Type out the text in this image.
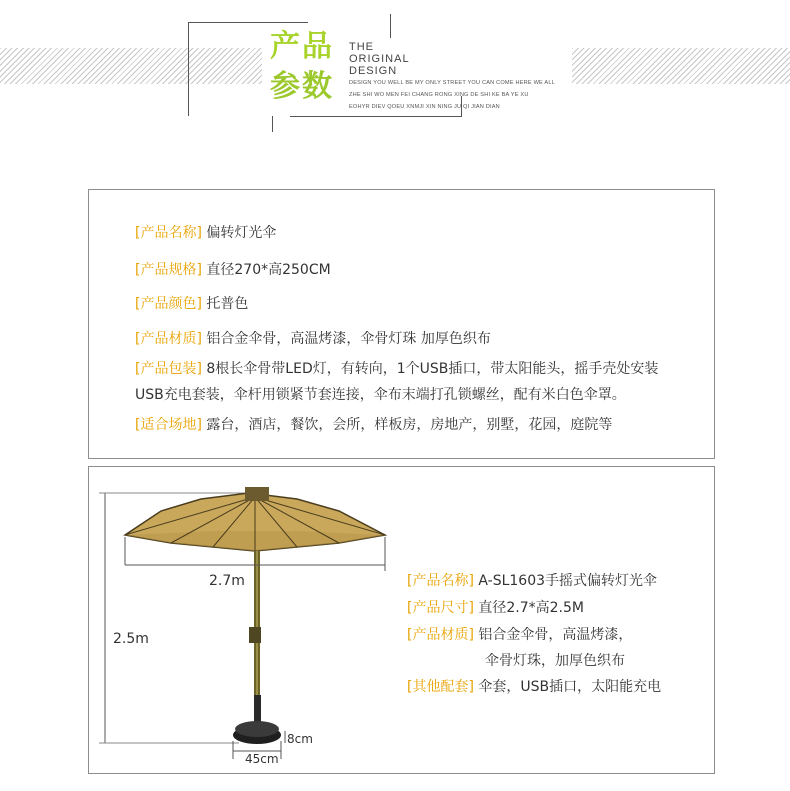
产品
参数
THE
ORIGINAL
DESIGN
DESIGN YOU WELL BE MY ONLY STREET YOU CAN COME HERE WE ALL
ZHE SHI WO MEN FEI CHANG RONG XING DE SHI KE BA YE XU
EOHYR DIEV QOEU XNMJI XIN NING JU QI JIAN DIAN
[产品名称] 偏转灯光伞
[产品规格] 直径270*高250CM
[产品颜色] 托普色
[产品材质] 铝合金伞骨，高温烤漆，伞骨灯珠 加厚色织布
[产品包装] 8根长伞骨带LED灯，有转向，1个USB插口，带太阳能头，摇手壳处安装
USB充电套装，伞杆用锁紧节套连接，伞布末端打孔锁螺丝，配有米白色伞罩。
[适合场地] 露台，酒店，餐饮，会所，样板房，房地产，别墅，花园，庭院等
2.7m
2.5m
45cm
8cm
[产品名称] A-SL1603手摇式偏转灯光伞
[产品尺寸] 直径2.7*高2.5M
[产品材质] 铝合金伞骨，高温烤漆，
伞骨灯珠，加厚色织布
[其他配套] 伞套，USB插口，太阳能充电
